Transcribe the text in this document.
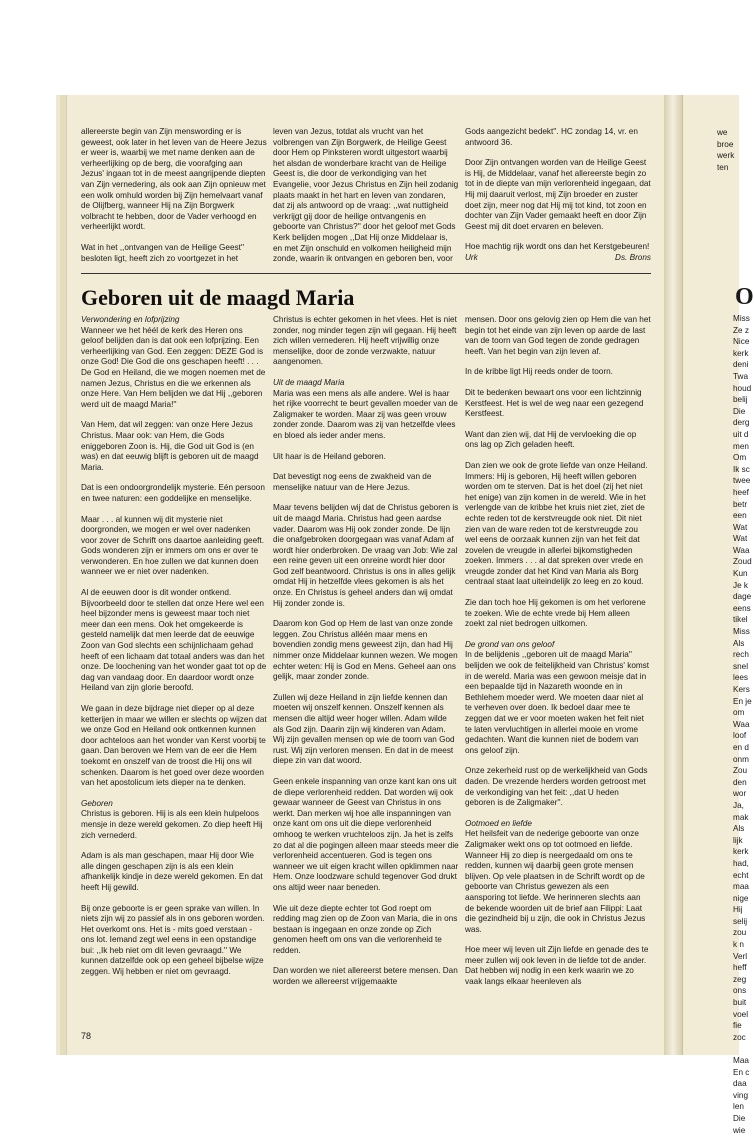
allereerste begin van Zijn menswording er is geweest, ook later in het leven van de Heere Jezus er weer is, waarbij we met name denken aan de verheerlijking op de berg, die voorafging aan Jezus' ingaan tot in de meest aangrijpende diepten van Zijn vernedering, als ook aan Zijn opnieuw met een wolk omhuld worden bij Zijn hemelvaart vanaf de Olijfberg, wanneer Hij na Zijn Borgwerk volbracht te hebben, door de Vader verhoogd en verheerlijkt wordt.

Wat in het ,,ontvangen van de Heilige Geest'' besloten ligt, heeft zich zo voortgezet in het

leven van Jezus, totdat als vrucht van het volbrengen van Zijn Borgwerk, de Heilige Geest door Hem op Pinksteren wordt uitgestort waarbij het alsdan de wonderbare kracht van de Heilige Geest is, die door de verkondiging van het Evangelie, voor Jezus Christus en Zijn heil zodanig plaats maakt in het hart en leven van zondaren, dat zij als antwoord op de vraag: ,,wat nuttigheid verkrijgt gij door de heilige ontvangenis en geboorte van Christus?'' door het geloof met Gods Kerk belijden mogen ,,Dat Hij onze Middelaar is, en met Zijn onschuld en volkomen heiligheid mijn zonde, waarin ik ontvangen en geboren ben, voor

Gods aangezicht bedekt''. HC zondag 14, vr. en antwoord 36.

Door Zijn ontvangen worden van de Heilige Geest is Hij, de Middelaar, vanaf het allereerste begin zo tot in de diepte van mijn verlorenheid ingegaan, dat Hij mij daaruit verlost, mij Zijn broeder en zuster doet zijn, meer nog dat Hij mij tot kind, tot zoon en dochter van Zijn Vader gemaakt heeft en door Zijn Geest mij dit doet ervaren en beleven.

Hoe machtig rijk wordt ons dan het Kerstgebeuren!

Urk	Ds. Brons
Geboren uit de maagd Maria
Verwondering en lofprijzing

Wanneer we het héél de kerk des Heren ons geloof belijden dan is dat ook een lofprijzing. Een verheerlijking van God. Een zeggen: DEZE God is onze God! Die God die ons geschapen heeft! . . . De God en Heiland, die we mogen noemen met de namen Jezus, Christus en die we erkennen als onze Here. Van Hem belijden we dat Hij ,,geboren werd uit de maagd Maria!''

Van Hem, dat wil zeggen: van onze Here Jezus Christus. Maar ook: van Hem, die Gods eniggeboren Zoon is. Hij, die God uit God is (en was) en dat eeuwig blijft is geboren uit de maagd Maria.

Dat is een ondoorgrondelijk mysterie. Eén persoon en twee naturen: een goddelijke en menselijke.

Maar . . . al kunnen wij dit mysterie niet doorgronden, we mogen er wel over nadenken voor zover de Schrift ons daartoe aanleiding geeft. Gods wonderen zijn er immers om ons er over te verwonderen. En hoe zullen we dat kunnen doen wanneer we er niet over nadenken.

Al de eeuwen door is dit wonder ontkend. Bijvoorbeeld door te stellen dat onze Here wel een heel bijzonder mens is geweest maar toch niet meer dan een mens. Ook het omgekeerde is gesteld namelijk dat men leerde dat de eeuwige Zoon van God slechts een schijnlichaam gehad heeft of een lichaam dat totaal anders was dan het onze. De loochening van het wonder gaat tot op de dag van vandaag door. En daardoor wordt onze Heiland van zijn glorie beroofd.

We gaan in deze bijdrage niet dieper op al deze ketterijen in maar we willen er slechts op wijzen dat we onze God en Heiland ook ontkennen kunnen door achteloos aan het wonder van Kerst voorbij te gaan. Dan beroven we Hem van de eer die Hem toekomt en onszelf van de troost die Hij ons wil schenken. Daarom is het goed over deze woorden van het apostolicum iets dieper na te denken.

Geboren

Christus is geboren. Hij is als een klein hulpeloos mensje in deze wereld gekomen. Zo diep heeft Hij zich vernederd.

Adam is als man geschapen, maar Hij door Wie alle dingen geschapen zijn is als een klein afhankelijk kindje in deze wereld gekomen. En dat heeft Hij gewild.

Bij onze geboorte is er geen sprake van willen. In niets zijn wij zo passief als in ons geboren worden. Het overkomt ons. Het is - mits goed verstaan - ons lot. Iemand zegt wel eens in een opstandige bui: ,,Ik heb niet om dit leven gevraagd.'' We kunnen datzelfde ook op een geheel bijbelse wijze zeggen. Wij hebben er niet om gevraagd.

Christus is echter gekomen in het vlees. Het is niet zonder, nog minder tegen zijn wil gegaan. Hij heeft zich willen vernederen. Hij heeft vrijwillig onze menselijke, door de zonde verzwakte, natuur aangenomen.

Uit de maagd Maria

Maria was een mens als alle andere. Wel is haar het rijke voorrecht te beurt gevallen moeder van de Zaligmaker te worden. Maar zij was geen vrouw zonder zonde. Daarom was zij van hetzelfde vlees en bloed als ieder ander mens.

Uit haar is de Heiland geboren.

Dat bevestigt nog eens de zwakheid van de menselijke natuur van de Here Jezus.

Maar tevens belijden wij dat de Christus geboren is uit de maagd Maria. Christus had geen aardse vader. Daarom was Hij ook zonder zonde. De lijn die onafgebroken doorgegaan was vanaf Adam af wordt hier onderbroken. De vraag van Job: Wie zal een reine geven uit een onreine wordt hier door God zelf beantwoord. Christus is ons in alles gelijk omdat Hij in hetzelfde vlees gekomen is als het onze. En Christus is geheel anders dan wij omdat Hij zonder zonde is.

Daarom kon God op Hem de last van onze zonde leggen. Zou Christus alléén maar mens en bovendien zondig mens geweest zijn, dan had Hij nimmer onze Middelaar kunnen wezen. We mogen echter weten: Hij is God en Mens. Geheel aan ons gelijk, maar zonder zonde.

Zullen wij deze Heiland in zijn liefde kennen dan moeten wij onszelf kennen. Onszelf kennen als mensen die altijd weer hoger willen. Adam wilde als God zijn. Daarin zijn wij kinderen van Adam. Wij zijn gevallen mensen op wie de toorn van God rust. Wij zijn verloren mensen. En dat in de meest diepe zin van dat woord.

Geen enkele inspanning van onze kant kan ons uit de diepe verlorenheid redden. Dat worden wij ook gewaar wanneer de Geest van Christus in ons werkt. Dan merken wij hoe alle inspanningen van onze kant om ons uit die diepe verlorenheid omhoog te werken vruchteloos zijn. Ja het is zelfs zo dat al die pogingen alleen maar steeds meer die verlorenheid accentueren. God is tegen ons wanneer we uit eigen kracht willen opklimmen naar Hem. Onze loodzware schuld tegenover God drukt ons altijd weer naar beneden.

Wie uit deze diepte echter tot God roept om redding mag zien op de Zoon van Maria, die in ons bestaan is ingegaan en onze zonde op Zich genomen heeft om ons van die verlorenheid te redden.

Dan worden we niet allereerst betere mensen. Dan worden we allereerst vrijgemaakte

mensen. Door ons gelovig zien op Hem die van het begin tot het einde van zijn leven op aarde de last van de toorn van God tegen de zonde gedragen heeft. Van het begin van zijn leven af.

In de kribbe ligt Hij reeds onder de toorn.

Dit te bedenken bewaart ons voor een lichtzinnig Kerstfeest. Het is wel de weg naar een gezegend Kerstfeest.

Want dan zien wij, dat Hij de vervloeking die op ons lag op Zich geladen heeft.

Dan zien we ook de grote liefde van onze Heiland. Immers: Hij is geboren, Hij heeft willen geboren worden om te sterven. Dat is het doel (zij het niet het enige) van zijn komen in de wereld. Wie in het verlengde van de kribbe het kruis niet ziet, ziet de echte reden tot de kerstvreugde ook niet. Dit niet zien van de ware reden tot de kerstvreugde zou wel eens de oorzaak kunnen zijn van het feit dat zovelen de vreugde in allerlei bijkomstigheden zoeken. Immers . . . al dat spreken over vrede en vreugde zonder dat het Kind van Maria als Borg centraal staat laat uiteindelijk zo leeg en zo koud.

Zie dan toch hoe Hij gekomen is om het verlorene te zoeken. Wie de echte vrede bij Hem alleen zoekt zal niet bedrogen uitkomen.

De grond van ons geloof

In de belijdenis ,,geboren uit de maagd Maria'' belijden we ook de feitelijkheid van Christus' komst in de wereld. Maria was een gewoon meisje dat in een bepaalde tijd in Nazareth woonde en in Bethlehem moeder werd. We moeten daar niet al te verheven over doen. Ik bedoel daar mee te zeggen dat we er voor moeten waken het feit niet te laten vervluchtigen in allerlei mooie en vrome gedachten. Want die kunnen niet de bodem van ons geloof zijn.

Onze zekerheid rust op de werkelijkheid van Gods daden. De vrezende herders worden getroost met de verkondiging van het feit: ,,dat U heden geboren is de Zaligmaker''.

Ootmoed en liefde

Het heilsfeit van de nederige geboorte van onze Zaligmaker wekt ons op tot ootmoed en liefde. Wanneer Hij zo diep is neergedaald om ons te redden, kunnen wij daarbij geen grote mensen blijven. Op vele plaatsen in de Schrift wordt op de geboorte van Christus gewezen als een aansporing tot liefde. We herinneren slechts aan de bekende woorden uit de brief aan Filippi: Laat die gezindheid bij u zijn, die ook in Christus Jezus was.

Hoe meer wij leven uit Zijn liefde en genade des te meer zullen wij ook leven in de liefde tot de ander. Dat hebben wij nodig in een kerk waarin we zo vaak langs elkaar heenleven als

78
we
broe
werk
ten
O
Miss
Ze z
Nice
kerk
deni
Twa
houd
belij
Die
derg
uit d
men
Om
Ik sc
twee
heef
betr
een
Wat
Wat
Waa
Zoud
Kun
Je k
dage
eens
tikel
Miss
Als
rech
snel
lees
Kers
En je
om
Waa
loof
en d
onm
Zou
den
wor
Ja,
mak
Als
lijk
kerk
had,
echt
maa
nige
Hij
selij
zou
k n
Verl
heff
zeg
ons
buit
voel
fie
zoc
Maa
En c
daa
ving
len
Die
wie
